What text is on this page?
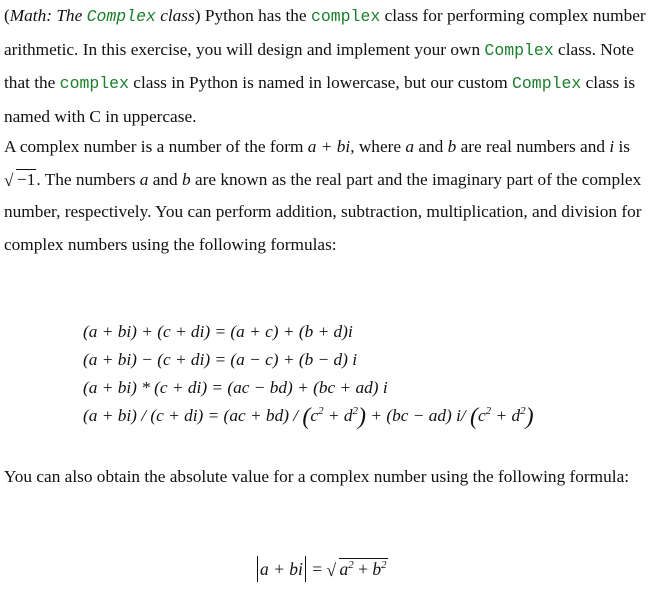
(Math: The Complex class) Python has the complex class for performing complex number arithmetic. In this exercise, you will design and implement your own Complex class. Note that the complex class in Python is named in lowercase, but our custom Complex class is named with C in uppercase.
A complex number is a number of the form a + bi, where a and b are real numbers and i is
√ −1. The numbers a and b are known as the real part and the imaginary part of the complex number, respectively. You can perform addition, subtraction, multiplication, and division for complex numbers using the following formulas:
(a + bi) + (c + di) = (a + c) + (b + d)i
(a + bi) − (c + di) = (a − c) + (b − d) i
(a + bi) * (c + di) = (ac − bd) + (bc + ad) i
$(a + bi) / (c + di) = (ac + bd) / (c^2 + d^2) + (bc - ad)$ i/ $(c^2 + d^2)$
You can also obtain the absolute value for a complex number using the following formula:
a + bi = √ $a^2 + b^2$
